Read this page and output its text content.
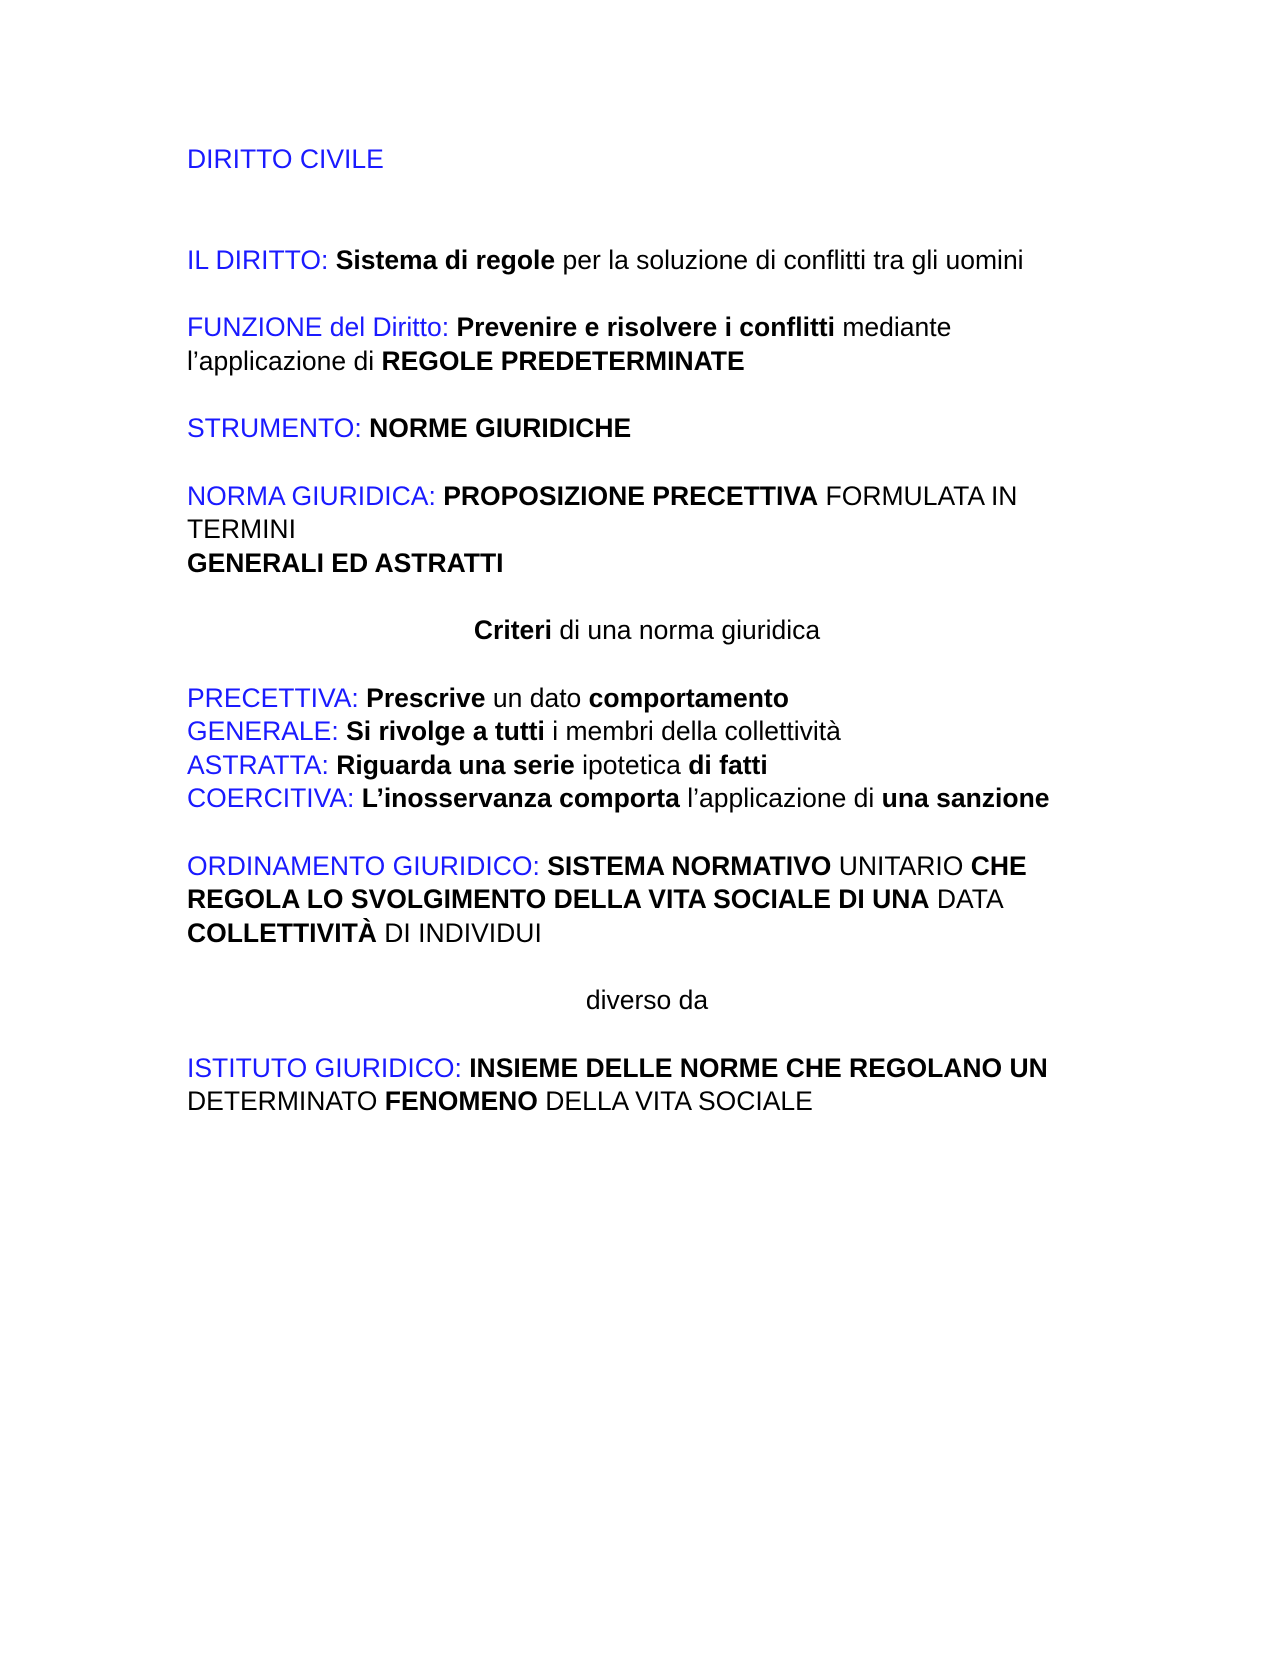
DIRITTO CIVILE
IL DIRITTO: Sistema di regole per la soluzione di conflitti tra gli uomini
FUNZIONE del Diritto: Prevenire e risolvere i conflitti mediante l’applicazione di REGOLE PREDETERMINATE
STRUMENTO: NORME GIURIDICHE
NORMA GIURIDICA: PROPOSIZIONE PRECETTIVA FORMULATA IN TERMINI
GENERALI ED ASTRATTI
Criteri di una norma giuridica
PRECETTIVA: Prescrive un dato comportamento
GENERALE: Si rivolge a tutti i membri della collettività
ASTRATTA: Riguarda una serie ipotetica di fatti
COERCITIVA: L’inosservanza comporta l’applicazione di una sanzione
ORDINAMENTO GIURIDICO: SISTEMA NORMATIVO UNITARIO CHE REGOLA LO SVOLGIMENTO DELLA VITA SOCIALE DI UNA DATA COLLETTIVITÀ DI INDIVIDUI
diverso da
ISTITUTO GIURIDICO: INSIEME DELLE NORME CHE REGOLANO UN DETERMINATO FENOMENO DELLA VITA SOCIALE
